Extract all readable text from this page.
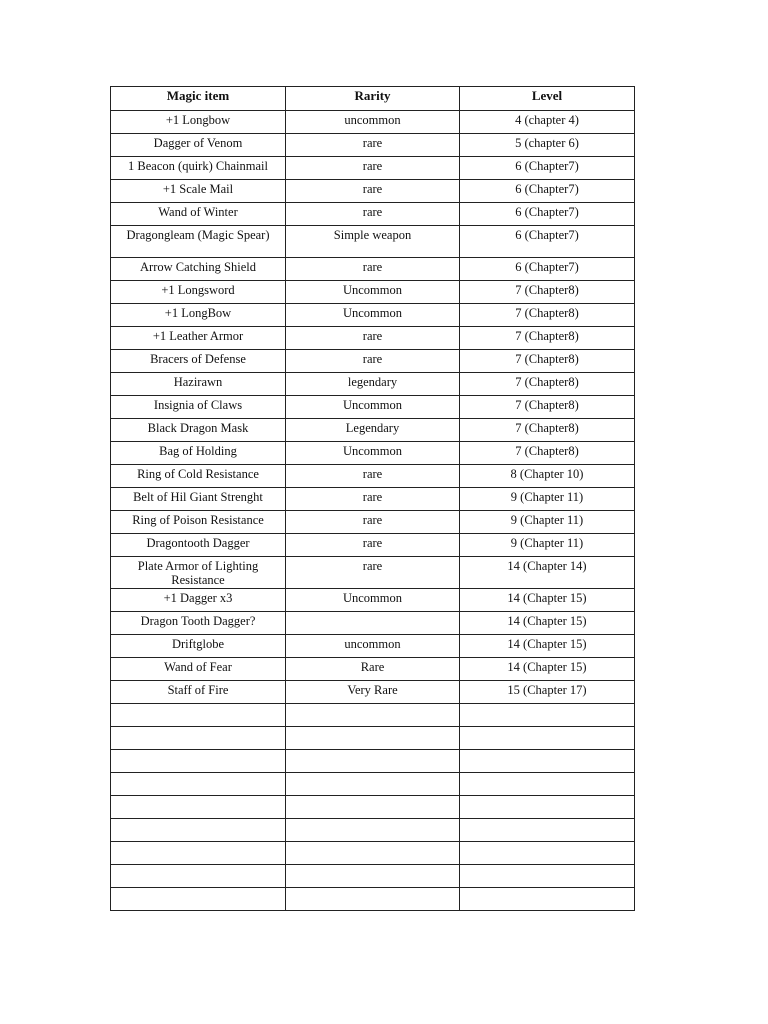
Magic item	Rarity	Level
+1 Longbow	uncommon	4 (chapter 4)
Dagger of Venom	rare	5 (chapter 6)
1 Beacon (quirk) Chainmail	rare	6 (Chapter7)
+1 Scale Mail	rare	6 (Chapter7)
Wand of Winter	rare	6 (Chapter7)
Dragongleam (Magic Spear)	Simple weapon	6 (Chapter7)
Arrow Catching Shield	rare	6 (Chapter7)
+1 Longsword	Uncommon	7 (Chapter8)
+1 LongBow	Uncommon	7 (Chapter8)
+1 Leather Armor	rare	7 (Chapter8)
Bracers of Defense	rare	7 (Chapter8)
Hazirawn	legendary	7 (Chapter8)
Insignia of Claws	Uncommon	7 (Chapter8)
Black Dragon Mask	Legendary	7 (Chapter8)
Bag of Holding	Uncommon	7 (Chapter8)
Ring of Cold Resistance	rare	8 (Chapter 10)
Belt of Hil Giant Strenght	rare	9 (Chapter 11)
Ring of Poison Resistance	rare	9 (Chapter 11)
Dragontooth Dagger	rare	9 (Chapter 11)
Plate Armor of Lighting Resistance	rare	14 (Chapter 14)
+1 Dagger x3	Uncommon	14 (Chapter 15)
Dragon Tooth Dagger?		14 (Chapter 15)
Driftglobe	uncommon	14 (Chapter 15)
Wand of Fear	Rare	14 (Chapter 15)
Staff of Fire	Very Rare	15 (Chapter 17)
